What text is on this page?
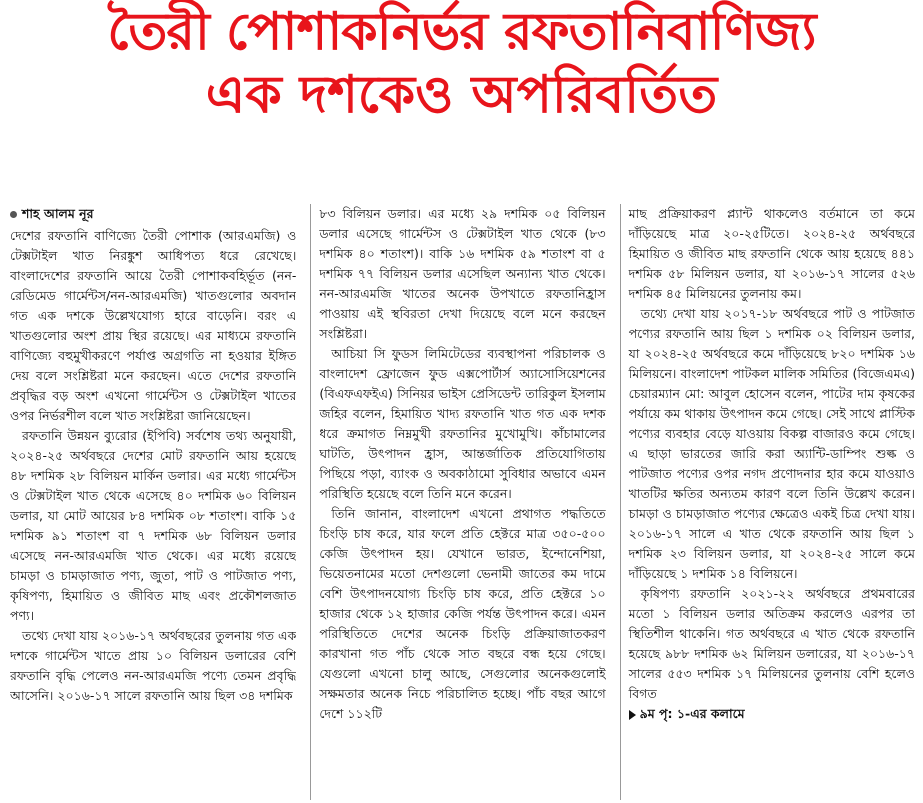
তৈরী পোশাকনির্ভর রফতানিবাণিজ্য
এক দশকেও অপরিবর্তিত
শাহ আলম নূর

দেশের রফতানি বাণিজ্যে তৈরী পোশাক (আরএমজি) ও টেক্সটাইল খাত নিরঙ্কুশ আধিপত্য ধরে রেখেছে। বাংলাদেশের রফতানি আয়ে তৈরী পোশাকবহির্ভূত (নন-রেডিমেড গার্মেন্টস/নন-আরএমজি) খাতগুলোর অবদান গত এক দশকে উল্লেখযোগ্য হারে বাড়েনি। বরং এ খাতগুলোর অংশ প্রায় স্থির রয়েছে। এর মাধ্যমে রফতানি বাণিজ্যে বহুমুখীকরণে পর্যাপ্ত অগ্রগতি না হওয়ার ইঙ্গিত দেয় বলে সংশ্লিষ্টরা মনে করছেন। এতে দেশের রফতানি প্রবৃদ্ধির বড় অংশ এখনো গার্মেন্টস ও টেক্সটাইল খাতের ওপর নির্ভরশীল বলে খাত সংশ্লিষ্টরা জানিয়েছেন।

রফতানি উন্নয়ন ব্যুরোর (ইপিবি) সর্বশেষ তথ্য অনুযায়ী, ২০২৪-২৫ অর্থবছরে দেশের মোট রফতানি আয় হয়েছে ৪৮ দশমিক ২৮ বিলিয়ন মার্কিন ডলার। এর মধ্যে গার্মেন্টস ও টেক্সটাইল খাত থেকে এসেছে ৪০ দশমিক ৬০ বিলিয়ন ডলার, যা মোট আয়ের ৮৪ দশমিক ০৮ শতাংশ। বাকি ১৫ দশমিক ৯১ শতাংশ বা ৭ দশমিক ৬৮ বিলিয়ন ডলার এসেছে নন-আরএমজি খাত থেকে। এর মধ্যে রয়েছে চামড়া ও চামড়াজাত পণ্য, জুতা, পাট ও পাটজাত পণ্য, কৃষিপণ্য, হিমায়িত ও জীবিত মাছ এবং প্রকৌশলজাত পণ্য।

তথ্যে দেখা যায় ২০১৬-১৭ অর্থবছরের তুলনায় গত এক দশকে গার্মেন্টস খাতে প্রায় ১০ বিলিয়ন ডলারের বেশি রফতানি বৃদ্ধি পেলেও নন-আরএমজি পণ্যে তেমন প্রবৃদ্ধি আসেনি। ২০১৬-১৭ সালে রফতানি আয় ছিল ৩৪ দশমিক

৮৩ বিলিয়ন ডলার। এর মধ্যে ২৯ দশমিক ০৫ বিলিয়ন ডলার এসেছে গার্মেন্টস ও টেক্সটাইল খাত থেকে (৮৩ দশমিক ৪০ শতাংশ)। বাকি ১৬ দশমিক ৫৯ শতাংশ বা ৫ দশমিক ৭৭ বিলিয়ন ডলার এসেছিল অন্যান্য খাত থেকে। নন-আরএমজি খাতের অনেক উপখাতে রফতানিহ্রাস পাওয়ায় এই স্থবিরতা দেখা দিয়েছে বলে মনে করছেন সংশ্লিষ্টরা।

আচিয়া সি ফুডস লিমিটেডের ব্যবস্থাপনা পরিচালক ও বাংলাদেশ ফ্রোজেন ফুড এক্সপোর্টার্স অ্যাসোসিয়েশনের (বিএফএফইএ) সিনিয়র ভাইস প্রেসিডেন্ট তারিকুল ইসলাম জহির বলেন, হিমায়িত খাদ্য রফতানি খাত গত এক দশক ধরে ক্রমাগত নিম্নমুখী রফতানির মুখোমুখি। কাঁচামালের ঘাটতি, উৎপাদন হ্রাস, আন্তর্জাতিক প্রতিযোগিতায় পিছিয়ে পড়া, ব্যাংক ও অবকাঠামো সুবিধার অভাবে এমন পরিস্থিতি হয়েছে বলে তিনি মনে করেন।

তিনি জানান, বাংলাদেশ এখনো প্রথাগত পদ্ধতিতে চিংড়ি চাষ করে, যার ফলে প্রতি হেক্টরে মাত্র ৩৫০-৫০০ কেজি উৎপাদন হয়। যেখানে ভারত, ইন্দোনেশিয়া, ভিয়েতনামের মতো দেশগুলো ভেনামী জাতের কম দামে বেশি উৎপাদনযোগ্য চিংড়ি চাষ করে, প্রতি হেক্টরে ১০ হাজার থেকে ১২ হাজার কেজি পর্যন্ত উৎপাদন করে। এমন পরিস্থিতিতে দেশের অনেক চিংড়ি প্রক্রিয়াজাতকরণ কারখানা গত পাঁচ থেকে সাত বছরে বন্ধ হয়ে গেছে। যেগুলো এখনো চালু আছে, সেগুলোর অনেকগুলোই সক্ষমতার অনেক নিচে পরিচালিত হচ্ছে। পাঁচ বছর আগে দেশে ১১২টি

মাছ প্রক্রিয়াকরণ প্ল্যান্ট থাকলেও বর্তমানে তা কমে দাঁড়িয়েছে মাত্র ২০-২৫টিতে। ২০২৪-২৫ অর্থবছরে হিমায়িত ও জীবিত মাছ রফতানি থেকে আয় হয়েছে ৪৪১ দশমিক ৫৮ মিলিয়ন ডলার, যা ২০১৬-১৭ সালের ৫২৬ দশমিক ৪৫ মিলিয়নের তুলনায় কম।

তথ্যে দেখা যায় ২০১৭-১৮ অর্থবছরে পাট ও পাটজাত পণ্যের রফতানি আয় ছিল ১ দশমিক ০২ বিলিয়ন ডলার, যা ২০২৪-২৫ অর্থবছরে কমে দাঁড়িয়েছে ৮২০ দশমিক ১৬ মিলিয়নে। বাংলাদেশ পাটকল মালিক সমিতির (বিজেএমএ) চেয়ারম্যান মো: আবুল হোসেন বলেন, পাটের দাম কৃষকের পর্যায়ে কম থাকায় উৎপাদন কমে গেছে। সেই সাথে প্লাস্টিক পণ্যের ব্যবহার বেড়ে যাওয়ায় বিকল্প বাজারও কমে গেছে। এ ছাড়া ভারতের জারি করা অ্যান্টি-ডাম্পিং শুল্ক ও পাটজাত পণ্যের ওপর নগদ প্রণোদনার হার কমে যাওয়াও খাতটির ক্ষতির অন্যতম কারণ বলে তিনি উল্লেখ করেন। চামড়া ও চামড়াজাত পণ্যের ক্ষেত্রেও একই চিত্র দেখা যায়। ২০১৬-১৭ সালে এ খাত থেকে রফতানি আয় ছিল ১ দশমিক ২৩ বিলিয়ন ডলার, যা ২০২৪-২৫ সালে কমে দাঁড়িয়েছে ১ দশমিক ১৪ বিলিয়নে।

কৃষিপণ্য রফতানি ২০২১-২২ অর্থবছরে প্রথমবারের মতো ১ বিলিয়ন ডলার অতিক্রম করলেও এরপর তা স্থিতিশীল থাকেনি। গত অর্থবছরে এ খাত থেকে রফতানি হয়েছে ৯৮৮ দশমিক ৬২ মিলিয়ন ডলারের, যা ২০১৬-১৭ সালের ৫৫৩ দশমিক ১৭ মিলিয়নের তুলনায় বেশি হলেও বিগত

৯ম পৃ: ১-এর কলামে
